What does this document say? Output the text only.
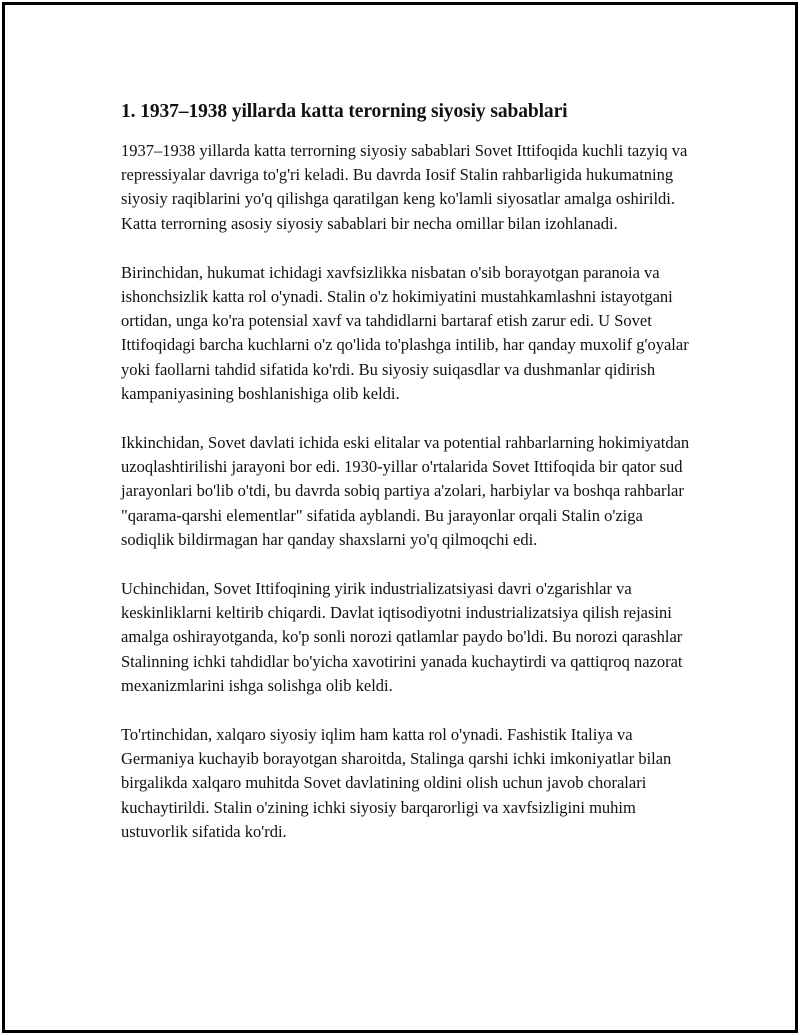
1. 1937–1938 yillarda katta terorning siyosiy sabablari

1937–1938 yillarda katta terrorning siyosiy sabablari Sovet Ittifoqida kuchli tazyiq va repressiyalar davriga to'g'ri keladi. Bu davrda Iosif Stalin rahbarligida hukumatning siyosiy raqiblarini yo'q qilishga qaratilgan keng ko'lamli siyosatlar amalga oshirildi. Katta terrorning asosiy siyosiy sabablari bir necha omillar bilan izohlanadi.

Birinchidan, hukumat ichidagi xavfsizlikka nisbatan o'sib borayotgan paranoia va ishonchsizlik katta rol o'ynadi. Stalin o'z hokimiyatini mustahkamlashni istayotgani ortidan, unga ko'ra potensial xavf va tahdidlarni bartaraf etish zarur edi. U Sovet Ittifoqidagi barcha kuchlarni o'z qo'lida to'plashga intilib, har qanday muxolif g'oyalar yoki faollarni tahdid sifatida ko'rdi. Bu siyosiy suiqasdlar va dushmanlar qidirish kampaniyasining boshlanishiga olib keldi.

Ikkinchidan, Sovet davlati ichida eski elitalar va potential rahbarlarning hokimiyatdan uzoqlashtirilishi jarayoni bor edi. 1930-yillar o'rtalarida Sovet Ittifoqida bir qator sud jarayonlari bo'lib o'tdi, bu davrda sobiq partiya a'zolari, harbiylar va boshqa rahbarlar "qarama-qarshi elementlar" sifatida ayblandi. Bu jarayonlar orqali Stalin o'ziga sodiqlik bildirmagan har qanday shaxslarni yo'q qilmoqchi edi.

Uchinchidan, Sovet Ittifoqining yirik industrializatsiyasi davri o'zgarishlar va keskinliklarni keltirib chiqardi. Davlat iqtisodiyotni industrializatsiya qilish rejasini amalga oshirayotganda, ko'p sonli norozi qatlamlar paydo bo'ldi. Bu norozi qarashlar Stalinning ichki tahdidlar bo'yicha xavotirini yanada kuchaytirdi va qattiqroq nazorat mexanizmlarini ishga solishga olib keldi.

To'rtinchidan, xalqaro siyosiy iqlim ham katta rol o'ynadi. Fashistik Italiya va Germaniya kuchayib borayotgan sharoitda, Stalinga qarshi ichki imkoniyatlar bilan birgalikda xalqaro muhitda Sovet davlatining oldini olish uchun javob choralari kuchaytirildi. Stalin o'zining ichki siyosiy barqarorligi va xavfsizligini muhim ustuvorlik sifatida ko'rdi.
